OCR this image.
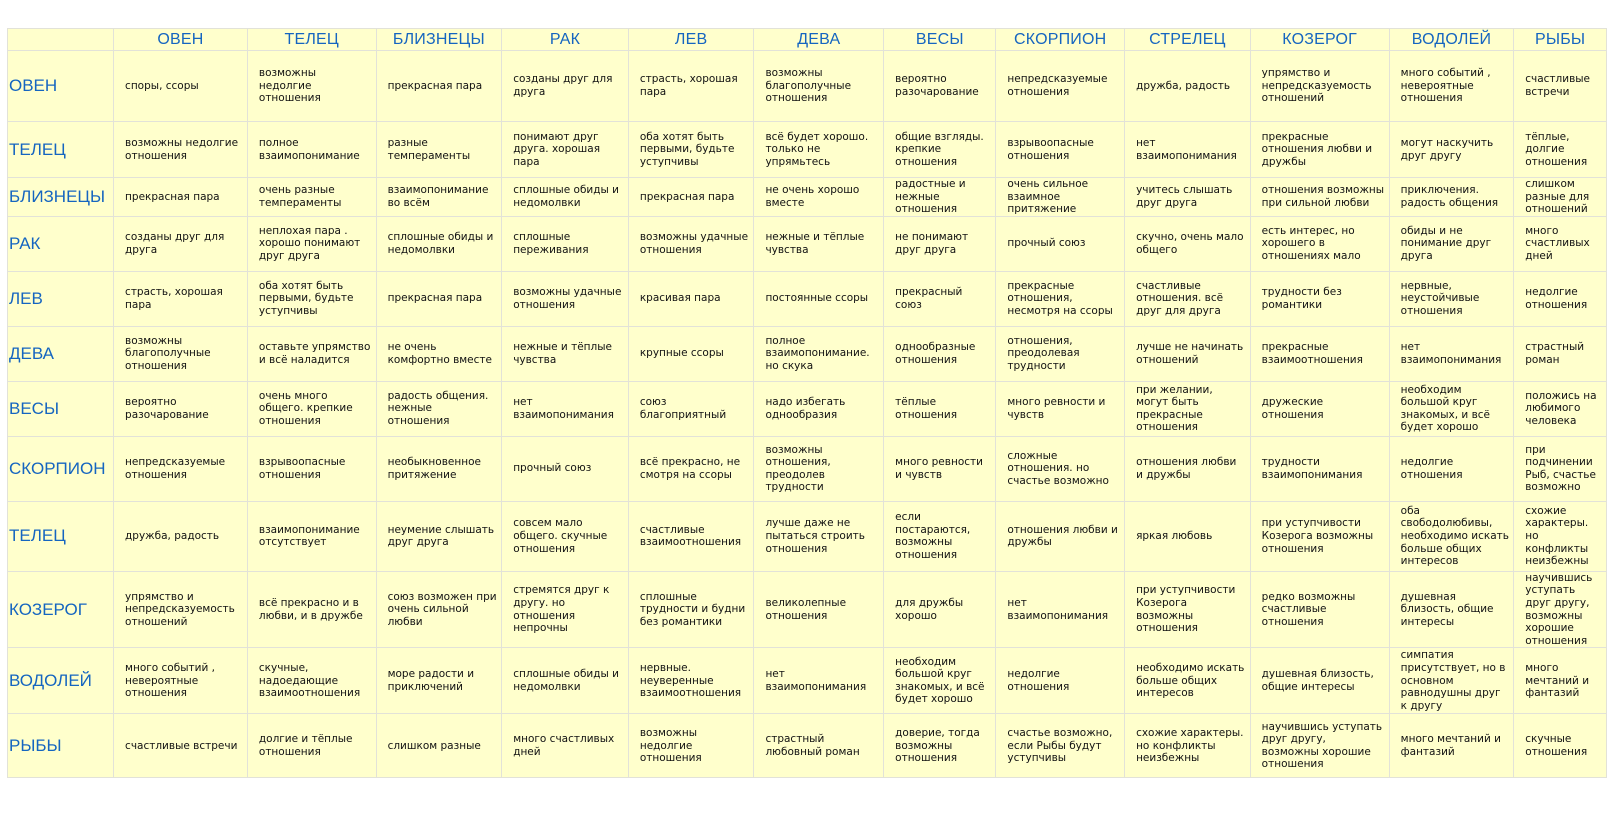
	ОВЕН	ТЕЛЕЦ	БЛИЗНЕЦЫ	РАК	ЛЕВ	ДЕВА	ВЕСЫ	СКОРПИОН	СТРЕЛЕЦ	КОЗЕРОГ	ВОДОЛЕЙ	РЫБЫ
ОВЕН	споры, ссоры	возможны недолгие отношения	прекрасная пара	созданы друг для друга	страсть, хорошая пара	возможны благополучные отношения	вероятно разочарование	непредсказуемые отношения	дружба, радость	упрямство и непредсказуемость отношений	много событий , невероятные отношения	счастливые встречи
ТЕЛЕЦ	возможны недолгие отношения	полное взаимопонимание	разные темпераменты	понимают друг друга. хорошая пара	оба хотят быть первыми, будьте уступчивы	всё будет хорошо. только не упрямьтесь	общие взгляды. крепкие отношения	взрывоопасные отношения	нет взаимопонимания	прекрасные отношения любви и дружбы	могут наскучить друг другу	тёплые, долгие отношения
БЛИЗНЕЦЫ	прекрасная пара	очень разные темпераменты	взаимопонимание во всём	сплошные обиды и недомолвки	прекрасная пара	не очень хорошо вместе	радостные и нежные отношения	очень сильное взаимное притяжение	учитесь слышать друг друга	отношения возможны при сильной любви	приключения. радость общения	слишком разные для отношений
РАК	созданы друг для друга	неплохая пара . хорошо понимают друг друга	сплошные обиды и недомолвки	сплошные переживания	возможны удачные отношения	нежные и тёплые чувства	не понимают друг друга	прочный союз	скучно, очень мало общего	есть интерес, но хорошего в отношениях мало	обиды и не понимание друг друга	много счастливых дней
ЛЕВ	страсть, хорошая пара	оба хотят быть первыми, будьте уступчивы	прекрасная пара	возможны удачные отношения	красивая пара	постоянные ссоры	прекрасный союз	прекрасные отношения, несмотря на ссоры	счастливые отношения. всё друг для друга	трудности без романтики	нервные, неустойчивые отношения	недолгие отношения
ДЕВА	возможны благополучные отношения	оставьте упрямство и всё наладится	не очень комфортно вместе	нежные и тёплые чувства	крупные ссоры	полное взаимопонимание. но скука	однообразные отношения	отношения, преодолевая трудности	лучше не начинать отношений	прекрасные взаимоотношения	нет взаимопонимания	страстный роман
ВЕСЫ	вероятно разочарование	очень много общего. крепкие отношения	радость общения. нежные отношения	нет взаимопонимания	союз благоприятный	надо избегать однообразия	тёплые отношения	много ревности и чувств	при желании, могут быть прекрасные отношения	дружеские отношения	необходим большой круг знакомых, и всё будет хорошо	положись на любимого человека
СКОРПИОН	непредсказуемые отношения	взрывоопасные отношения	необыкновенное притяжение	прочный союз	всё прекрасно, не смотря на ссоры	возможны отношения, преодолев трудности	много ревности и чувств	сложные отношения. но счастье возможно	отношения любви и дружбы	трудности взаимопонимания	недолгие отношения	при подчинении Рыб, счастье возможно
ТЕЛЕЦ	дружба, радость	взаимопонимание отсутствует	неумение слышать друг друга	совсем мало общего. скучные отношения	счастливые взаимоотношения	лучше даже не пытаться строить отношения	если постараются, возможны отношения	отношения любви и дружбы	яркая любовь	при уступчивости Козерога возможны отношения	оба свободолюбивы, необходимо искать больше общих интересов	схожие характеры. но конфликты неизбежны
КОЗЕРОГ	упрямство и непредсказуемость отношений	всё прекрасно и в любви, и в дружбе	союз возможен при очень сильной любви	стремятся друг к другу. но отношения непрочны	сплошные трудности и будни без романтики	великолепные отношения	для дружбы хорошо	нет взаимопонимания	при уступчивости Козерога возможны отношения	редко возможны счастливые отношения	душевная близость, общие интересы	научившись уступать друг другу, возможны хорошие отношения
ВОДОЛЕЙ	много событий , невероятные отношения	скучные, надоедающие взаимоотношения	море радости и приключений	сплошные обиды и недомолвки	нервные. неуверенные взаимоотношения	нет взаимопонимания	необходим большой круг знакомых, и всё будет хорошо	недолгие отношения	необходимо искать больше общих интересов	душевная близость, общие интересы	симпатия присутствует, но в основном равнодушны друг к другу	много мечтаний и фантазий
РЫБЫ	счастливые встречи	долгие и тёплые отношения	слишком разные	много счастливых дней	возможны недолгие отношения	страстный любовный роман	доверие, тогда возможны отношения	счастье возможно, если Рыбы будут уступчивы	схожие характеры. но конфликты неизбежны	научившись уступать друг другу, возможны хорошие отношения	много мечтаний и фантазий	скучные отношения
